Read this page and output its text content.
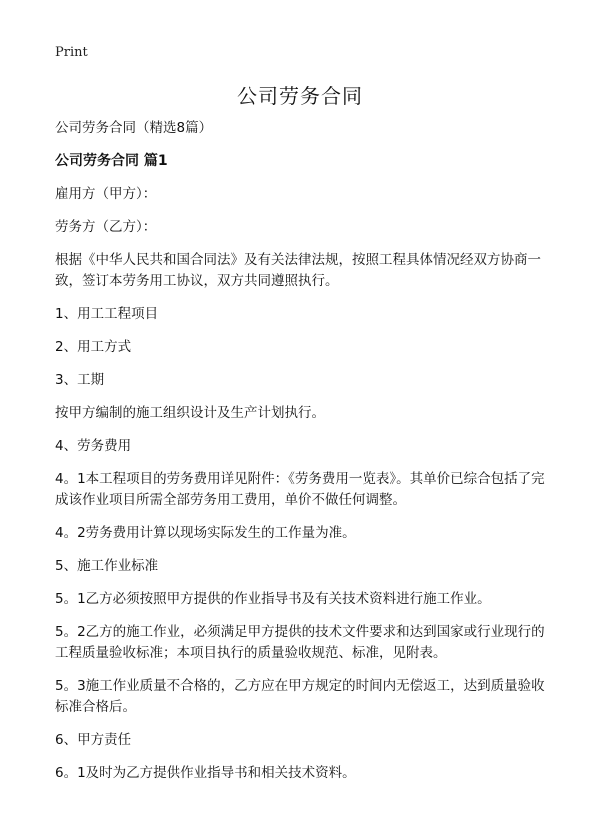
Print
公司劳务合同

公司劳务合同（精选8篇）

公司劳务合同 篇1

雇用方（甲方）：

劳务方（乙方）：

根据《中华人民共和国合同法》及有关法律法规，按照工程具体情况经双方协商一致，签订本劳务用工协议，双方共同遵照执行。

1、用工工程项目

2、用工方式

3、工期

按甲方编制的施工组织设计及生产计划执行。

4、劳务费用

4。1本工程项目的劳务费用详见附件：《劳务费用一览表》。其单价已综合包括了完成该作业项目所需全部劳务用工费用，单价不做任何调整。

4。2劳务费用计算以现场实际发生的工作量为准。

5、施工作业标准

5。1乙方必须按照甲方提供的作业指导书及有关技术资料进行施工作业。

5。2乙方的施工作业，必须满足甲方提供的技术文件要求和达到国家或行业现行的工程质量验收标准；本项目执行的质量验收规范、标准，见附表。

5。3施工作业质量不合格的，乙方应在甲方规定的时间内无偿返工，达到质量验收标准合格后。

6、甲方责任

6。1及时为乙方提供作业指导书和相关技术资料。
